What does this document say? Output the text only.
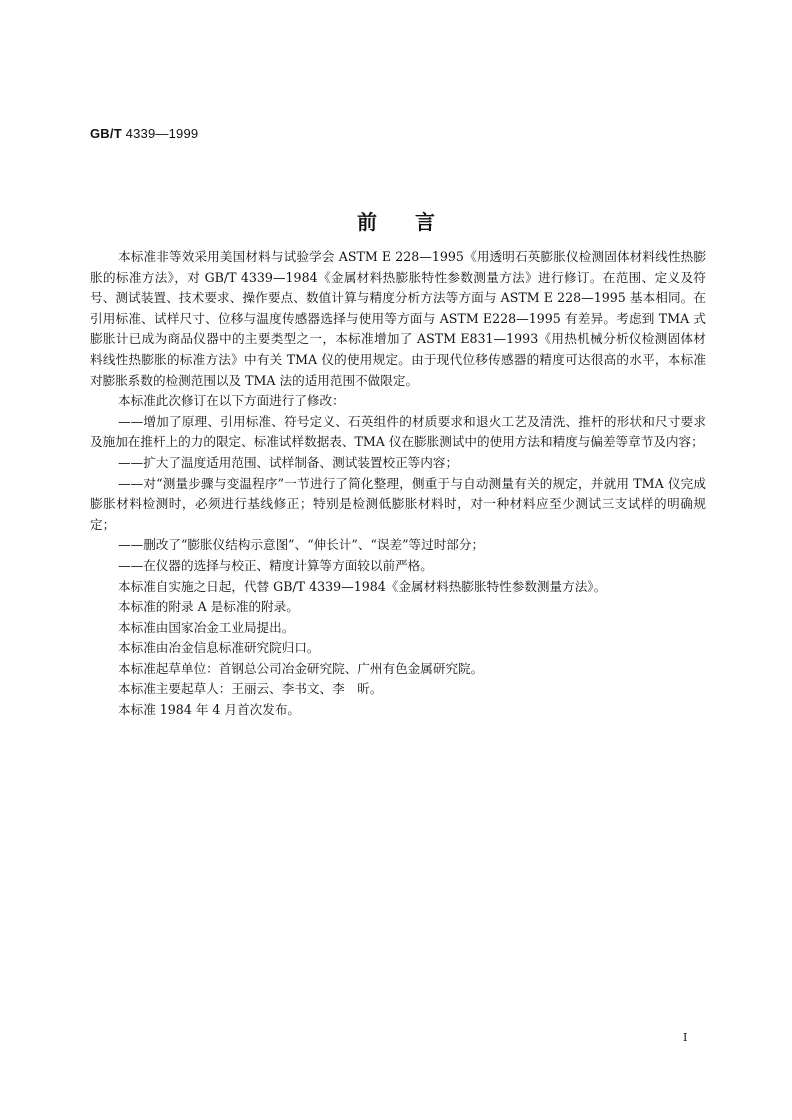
GB/T 4339—1999
前言

本标准非等效采用美国材料与试验学会 ASTM E 228—1995《用透明石英膨胀仪检测固体材料线性热膨胀的标准方法》，对 GB/T 4339—1984《金属材料热膨胀特性参数测量方法》进行修订。在范围、定义及符号、测试装置、技术要求、操作要点、数值计算与精度分析方法等方面与 ASTM E 228—1995 基本相同。在引用标准、试样尺寸、位移与温度传感器选择与使用等方面与 ASTM E228—1995 有差异。考虑到 TMA 式膨胀计已成为商品仪器中的主要类型之一，本标准增加了 ASTM E831—1993《用热机械分析仪检测固体材料线性热膨胀的标准方法》中有关 TMA 仪的使用规定。由于现代位移传感器的精度可达很高的水平，本标准对膨胀系数的检测范围以及 TMA 法的适用范围不做限定。

本标准此次修订在以下方面进行了修改：

——增加了原理、引用标准、符号定义、石英组件的材质要求和退火工艺及清洗、推杆的形状和尺寸要求及施加在推杆上的力的限定、标准试样数据表、TMA 仪在膨胀测试中的使用方法和精度与偏差等章节及内容；

——扩大了温度适用范围、试样制备、测试装置校正等内容；

——对“测量步骤与变温程序”一节进行了简化整理，侧重于与自动测量有关的规定，并就用 TMA 仪完成膨胀材料检测时，必须进行基线修正；特别是检测低膨胀材料时，对一种材料应至少测试三支试样的明确规定；

——删改了“膨胀仪结构示意图”、“伸长计”、“误差”等过时部分；

——在仪器的选择与校正、精度计算等方面较以前严格。

本标准自实施之日起，代替 GB/T 4339—1984《金属材料热膨胀特性参数测量方法》。

本标准的附录 A 是标准的附录。

本标准由国家冶金工业局提出。

本标准由冶金信息标准研究院归口。

本标准起草单位：首钢总公司冶金研究院、广州有色金属研究院。

本标准主要起草人：王丽云、李书文、李　昕。

本标准 1984 年 4 月首次发布。

I
